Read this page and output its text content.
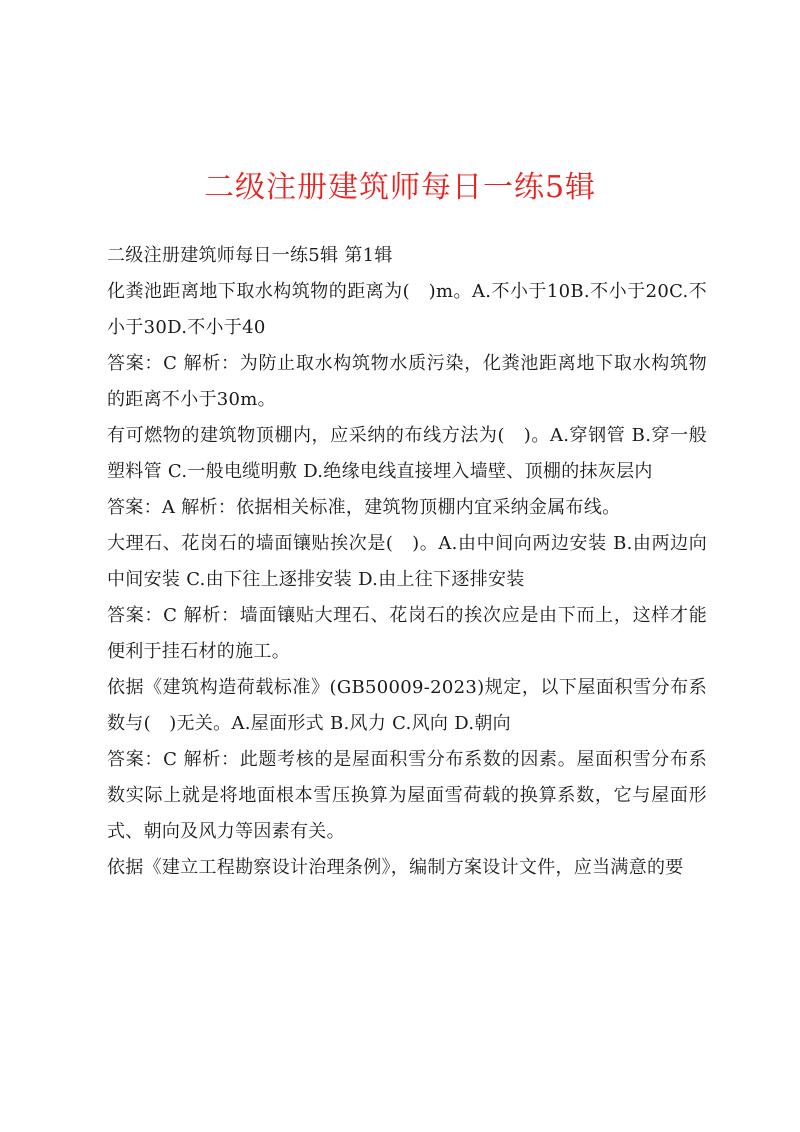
二级注册建筑师每日一练5辑

二级注册建筑师每日一练5辑 第1辑

化粪池距离地下取水构筑物的距离为(　)m。A.不小于10B.不小于20C.不小于30D.不小于40

答案：C 解析：为防止取水构筑物水质污染，化粪池距离地下取水构筑物的距离不小于30m。

有可燃物的建筑物顶棚内，应采纳的布线方法为(　)。A.穿钢管 B.穿一般塑料管 C.一般电缆明敷 D.绝缘电线直接埋入墙壁、顶棚的抹灰层内

答案：A 解析：依据相关标准，建筑物顶棚内宜采纳金属布线。

大理石、花岗石的墙面镶贴挨次是(　)。A.由中间向两边安装 B.由两边向中间安装 C.由下往上逐排安装 D.由上往下逐排安装

答案：C 解析：墙面镶贴大理石、花岗石的挨次应是由下而上，这样才能便利于挂石材的施工。

依据《建筑构造荷载标准》(GB50009-2023)规定，以下屋面积雪分布系数与(　)无关。A.屋面形式 B.风力 C.风向 D.朝向

答案：C 解析：此题考核的是屋面积雪分布系数的因素。屋面积雪分布系数实际上就是将地面根本雪压换算为屋面雪荷载的换算系数，它与屋面形式、朝向及风力等因素有关。

依据《建立工程勘察设计治理条例》，编制方案设计文件，应当满意的要
